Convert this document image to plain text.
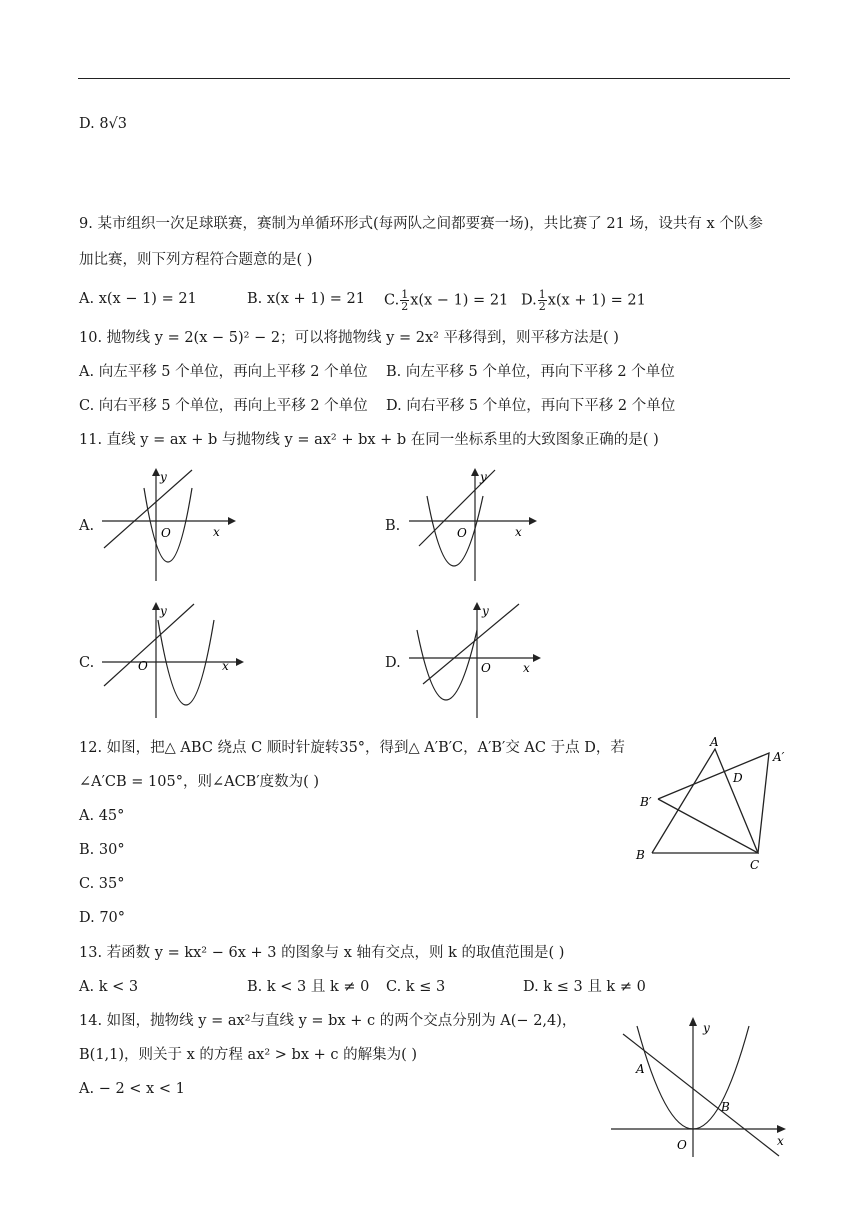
D. 8√3
9. 某市组织一次足球联赛，赛制为单循环形式(每两队之间都要赛一场)，共比赛了 21 场，设共有 x 个队参
加比赛，则下列方程符合题意的是( )
A. x(x − 1) = 21	B. x(x + 1) = 21 C. $\frac{1}{2} x(x - 1) = 21$ D. $\frac{1}{2} x(x + 1) = 21$
10. 抛物线 y = 2(x − 5)² − 2；可以将抛物线 y = 2x² 平移得到，则平移方法是( )
A. 向左平移 5 个单位，再向上平移 2 个单位 B. 向左平移 5 个单位，再向下平移 2 个单位
C. 向右平移 5 个单位，再向上平移 2 个单位 D. 向右平移 5 个单位，再向下平移 2 个单位
11. 直线 y = ax + b 与抛物线 y = ax² + bx + b 在同一坐标系里的大致图象正确的是( )
A.
y
O	x	B.
y
O	x
C.
y
O	x	D.
y
O	x
12. 如图，把△ ABC 绕点 C 顺时针旋转35°，得到△ A′B′C，A′B′交 AC 于点 D，若
∠A′CB = 105°，则∠ACB′度数为( )
A. 45°
B. 30°
C. 35°
D. 70°
A
A′
D
B′
B
C
13. 若函数 y = kx² − 6x + 3 的图象与 x 轴有交点，则 k 的取值范围是( )
A. k < 3	B. k < 3 且 k ≠ 0 C. k ≤ 3	D. k ≤ 3 且 k ≠ 0
14. 如图，抛物线 y = ax²与直线 y = bx + c 的两个交点分别为 A(− 2,4)，
B(1,1)，则关于 x 的方程 ax² > bx + c 的解集为( )
A. − 2 < x < 1
y
A
B
O	x
